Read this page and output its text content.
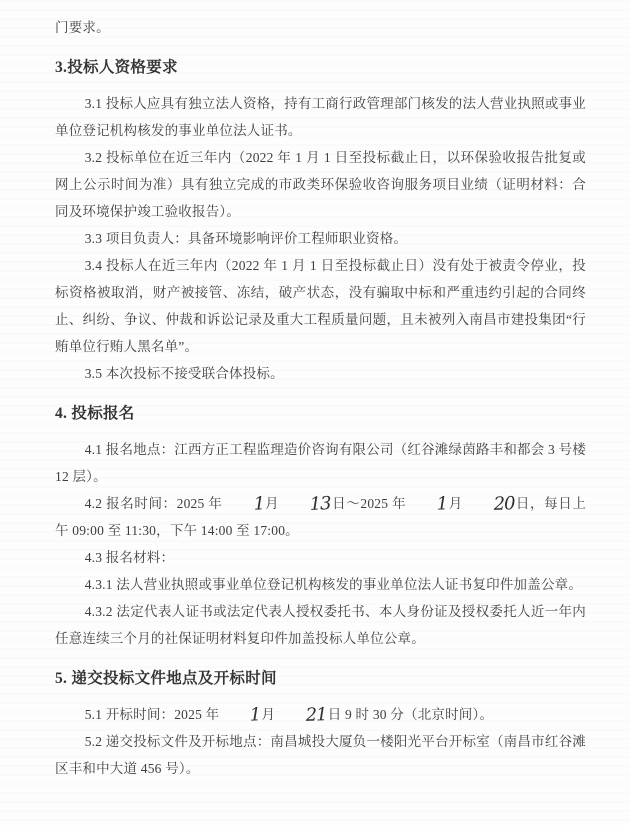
门要求。

3.投标人资格要求

3.1 投标人应具有独立法人资格，持有工商行政管理部门核发的法人营业执照或事业单位登记机构核发的事业单位法人证书。

3.2 投标单位在近三年内（2022 年 1 月 1 日至投标截止日，以环保验收报告批复或网上公示时间为准）具有独立完成的市政类环保验收咨询服务项目业绩（证明材料：合同及环境保护竣工验收报告）。

3.3 项目负责人：具备环境影响评价工程师职业资格。

3.4 投标人在近三年内（2022 年 1 月 1 日至投标截止日）没有处于被责令停业，投标资格被取消，财产被接管、冻结，破产状态，没有骗取中标和严重违约引起的合同终止、纠纷、争议、仲裁和诉讼记录及重大工程质量问题，且未被列入南昌市建投集团“行贿单位行贿人黑名单”。

3.5 本次投标不接受联合体投标。

4. 投标报名

4.1 报名地点：江西方正工程监理造价咨询有限公司（红谷滩绿茵路丰和都会 3 号楼 12 层）。

4.2 报名时间：2025 年 1月 13日～2025 年 1月 20日，每日上午 09:00 至 11:30，下午 14:00 至 17:00。

4.3 报名材料：

4.3.1 法人营业执照或事业单位登记机构核发的事业单位法人证书复印件加盖公章。

4.3.2 法定代表人证书或法定代表人授权委托书、本人身份证及授权委托人近一年内任意连续三个月的社保证明材料复印件加盖投标人单位公章。

5. 递交投标文件地点及开标时间

5.1 开标时间：2025 年 1月 21日 9 时 30 分（北京时间）。

5.2 递交投标文件及开标地点：南昌城投大厦负一楼阳光平台开标室（南昌市红谷滩区丰和中大道 456 号）。
